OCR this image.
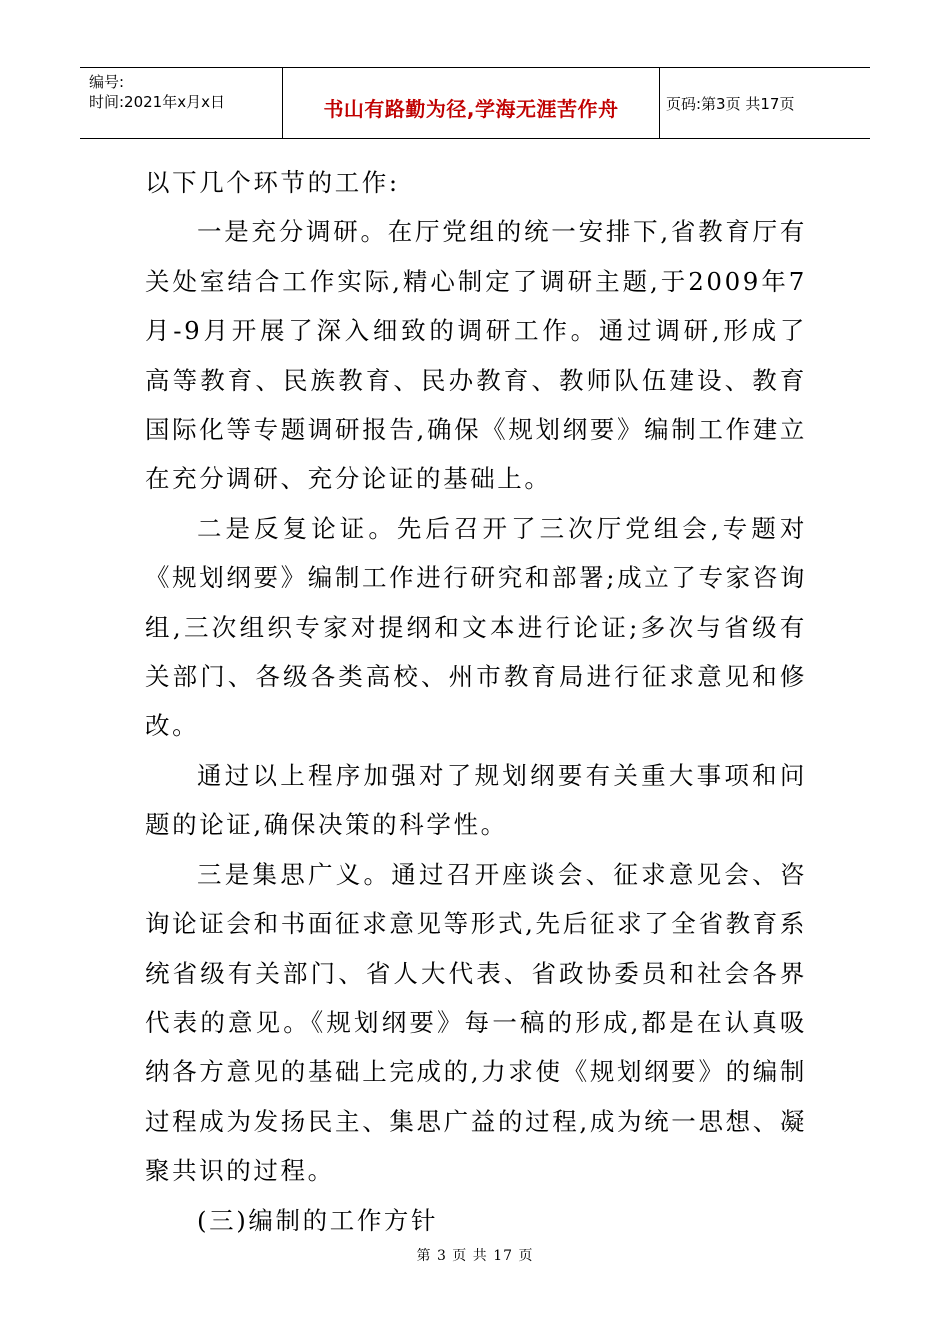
编号:
时间:2021年x月x日	书山有路勤为径,学海无涯苦作舟	页码:第3页 共17页

以下几个环节的工作:

一是充分调研。在厅党组的统一安排下,省教育厅有关处室结合工作实际,精心制定了调研主题,于2009年7月-9月开展了深入细致的调研工作。通过调研,形成了高等教育、民族教育、民办教育、教师队伍建设、教育国际化等专题调研报告,确保《规划纲要》编制工作建立在充分调研、充分论证的基础上。

二是反复论证。先后召开了三次厅党组会,专题对《规划纲要》编制工作进行研究和部署;成立了专家咨询组,三次组织专家对提纲和文本进行论证;多次与省级有关部门、各级各类高校、州市教育局进行征求意见和修改。

通过以上程序加强对了规划纲要有关重大事项和问题的论证,确保决策的科学性。

三是集思广义。通过召开座谈会、征求意见会、咨询论证会和书面征求意见等形式,先后征求了全省教育系统省级有关部门、省人大代表、省政协委员和社会各界代表的意见。《规划纲要》每一稿的形成,都是在认真吸纳各方意见的基础上完成的,力求使《规划纲要》的编制过程成为发扬民主、集思广益的过程,成为统一思想、凝聚共识的过程。

(三)编制的工作方针

第 3 页 共 17 页
